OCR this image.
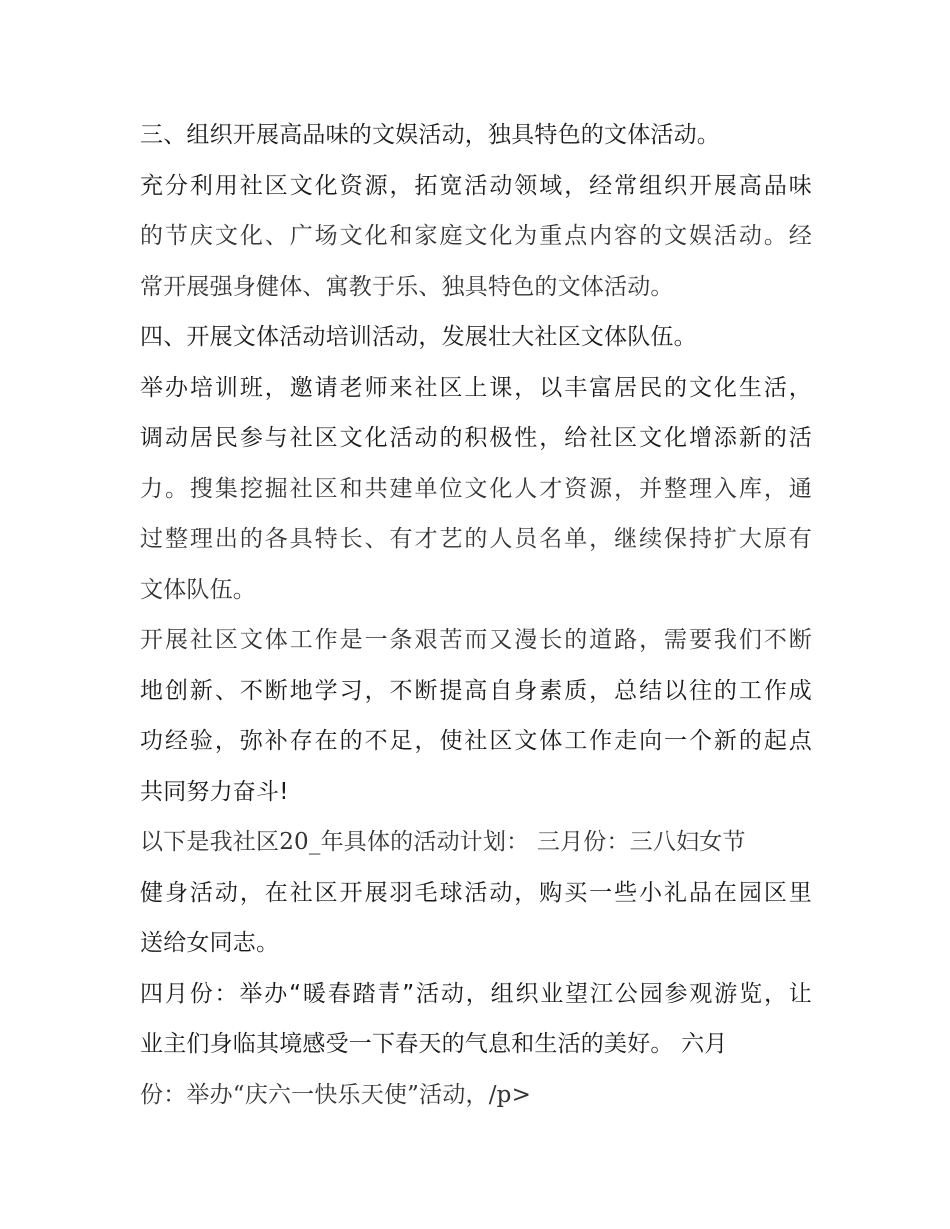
三、组织开展高品味的文娱活动，独具特色的文体活动。
充分利用社区文化资源，拓宽活动领域，经常组织开展高品味
的节庆文化、广场文化和家庭文化为重点内容的文娱活动。经
常开展强身健体、寓教于乐、独具特色的文体活动。
四、开展文体活动培训活动，发展壮大社区文体队伍。
举办培训班，邀请老师来社区上课，以丰富居民的文化生活，
调动居民参与社区文化活动的积极性，给社区文化增添新的活
力。搜集挖掘社区和共建单位文化人才资源，并整理入库，通
过整理出的各具特长、有才艺的人员名单，继续保持扩大原有
文体队伍。
开展社区文体工作是一条艰苦而又漫长的道路，需要我们不断
地创新、不断地学习，不断提高自身素质，总结以往的工作成
功经验，弥补存在的不足，使社区文体工作走向一个新的起点
共同努力奋斗!
以下是我社区20_年具体的活动计划： 三月份：三八妇女节
健身活动，在社区开展羽毛球活动，购买一些小礼品在园区里
送给女同志。
四月份：举办“暖春踏青”活动，组织业望江公园参观游览，让
业主们身临其境感受一下春天的气息和生活的美好。 六月
份：举办“庆六一快乐天使”活动，/p>
